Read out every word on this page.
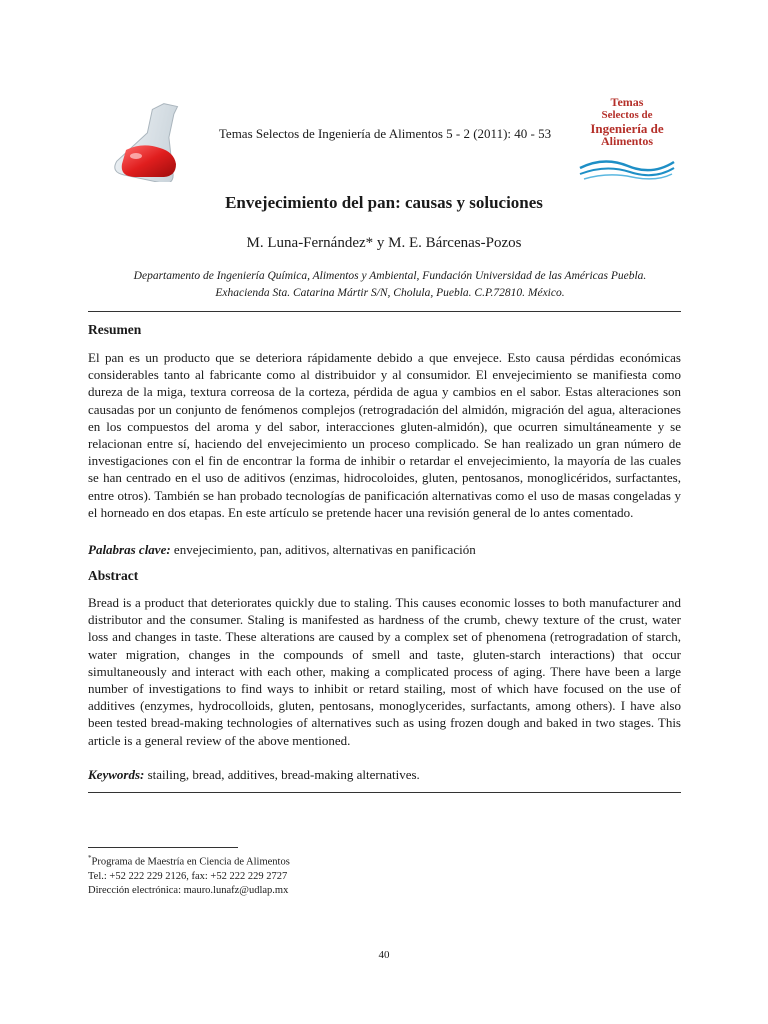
Temas Selectos de Ingeniería de Alimentos 5 - 2 (2011): 40 - 53
Temas
Selectos de
Ingeniería de
Alimentos
Envejecimiento del pan: causas y soluciones
M. Luna-Fernández* y M. E. Bárcenas-Pozos
Departamento de Ingeniería Química, Alimentos y Ambiental, Fundación Universidad de las Américas Puebla.
Exhacienda Sta. Catarina Mártir S/N, Cholula, Puebla. C.P.72810. México.
Resumen
El pan es un producto que se deteriora rápidamente debido a que envejece. Esto causa pérdidas económicas considerables tanto al fabricante como al distribuidor y al consumidor. El envejecimiento se manifiesta como dureza de la miga, textura correosa de la corteza, pérdida de agua y cambios en el sabor. Estas alteraciones son causadas por un conjunto de fenómenos complejos (retrogradación del almidón, migración del agua, alteraciones en los compuestos del aroma y del sabor, interacciones gluten-almidón), que ocurren simultáneamente y se relacionan entre sí, haciendo del envejecimiento un proceso complicado. Se han realizado un gran número de investigaciones con el fin de encontrar la forma de inhibir o retardar el envejecimiento, la mayoría de las cuales se han centrado en el uso de aditivos (enzimas, hidrocoloides, gluten, pentosanos, monoglicéridos, surfactantes, entre otros). También se han probado tecnologías de panificación alternativas como el uso de masas congeladas y el horneado en dos etapas. En este artículo se pretende hacer una revisión general de lo antes comentado.
Palabras clave: envejecimiento, pan, aditivos, alternativas en panificación
Abstract
Bread is a product that deteriorates quickly due to staling. This causes economic losses to both manufacturer and distributor and the consumer. Staling is manifested as hardness of the crumb, chewy texture of the crust, water loss and changes in taste. These alterations are caused by a complex set of phenomena (retrogradation of starch, water migration, changes in the compounds of smell and taste, gluten-starch interactions) that occur simultaneously and interact with each other, making a complicated process of aging. There have been a large number of investigations to find ways to inhibit or retard stailing, most of which have focused on the use of additives (enzymes, hydrocolloids, gluten, pentosans, monoglycerides, surfactants, among others). I have also been tested bread-making technologies of alternatives such as using frozen dough and baked in two stages. This article is a general review of the above mentioned.
Keywords: stailing, bread, additives, bread-making alternatives.
*Programa de Maestría en Ciencia de Alimentos
Tel.: +52 222 229 2126, fax: +52 222 229 2727
Dirección electrónica: mauro.lunafz@udlap.mx
40
